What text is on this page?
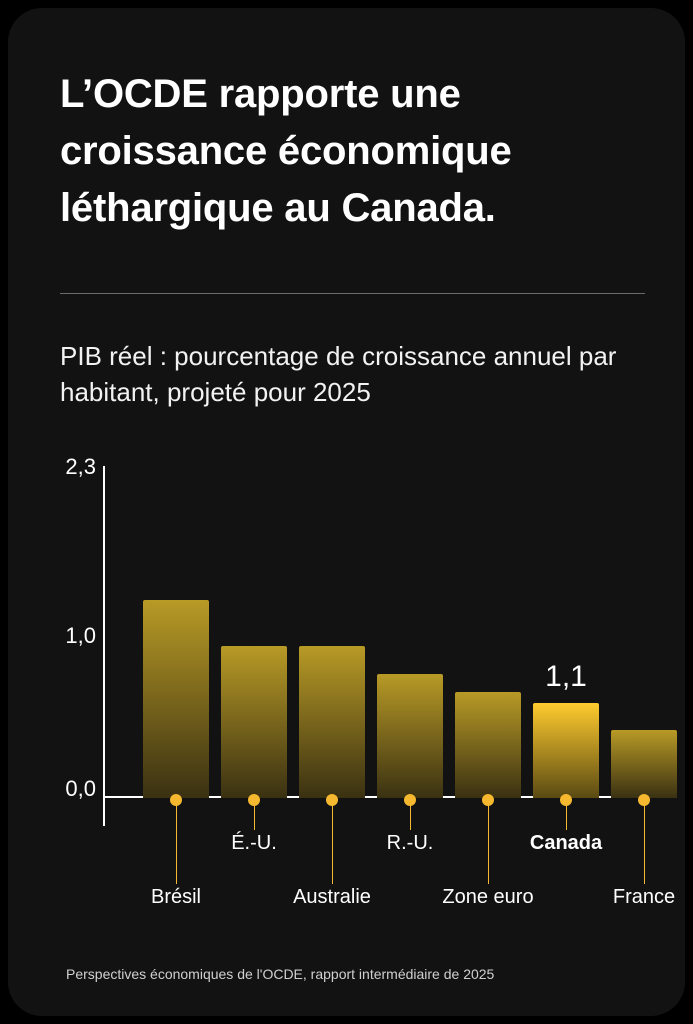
L’OCDE rapporte une croissance économique léthargique au Canada.
PIB réel : pourcentage de croissance annuel par habitant, projeté pour 2025
2,3
1,0
0,0
1,1
Brésil
É.-U.
Australie
R.-U.
Zone euro
Canada
France
Perspectives économiques de l'OCDE, rapport intermédiaire de 2025
